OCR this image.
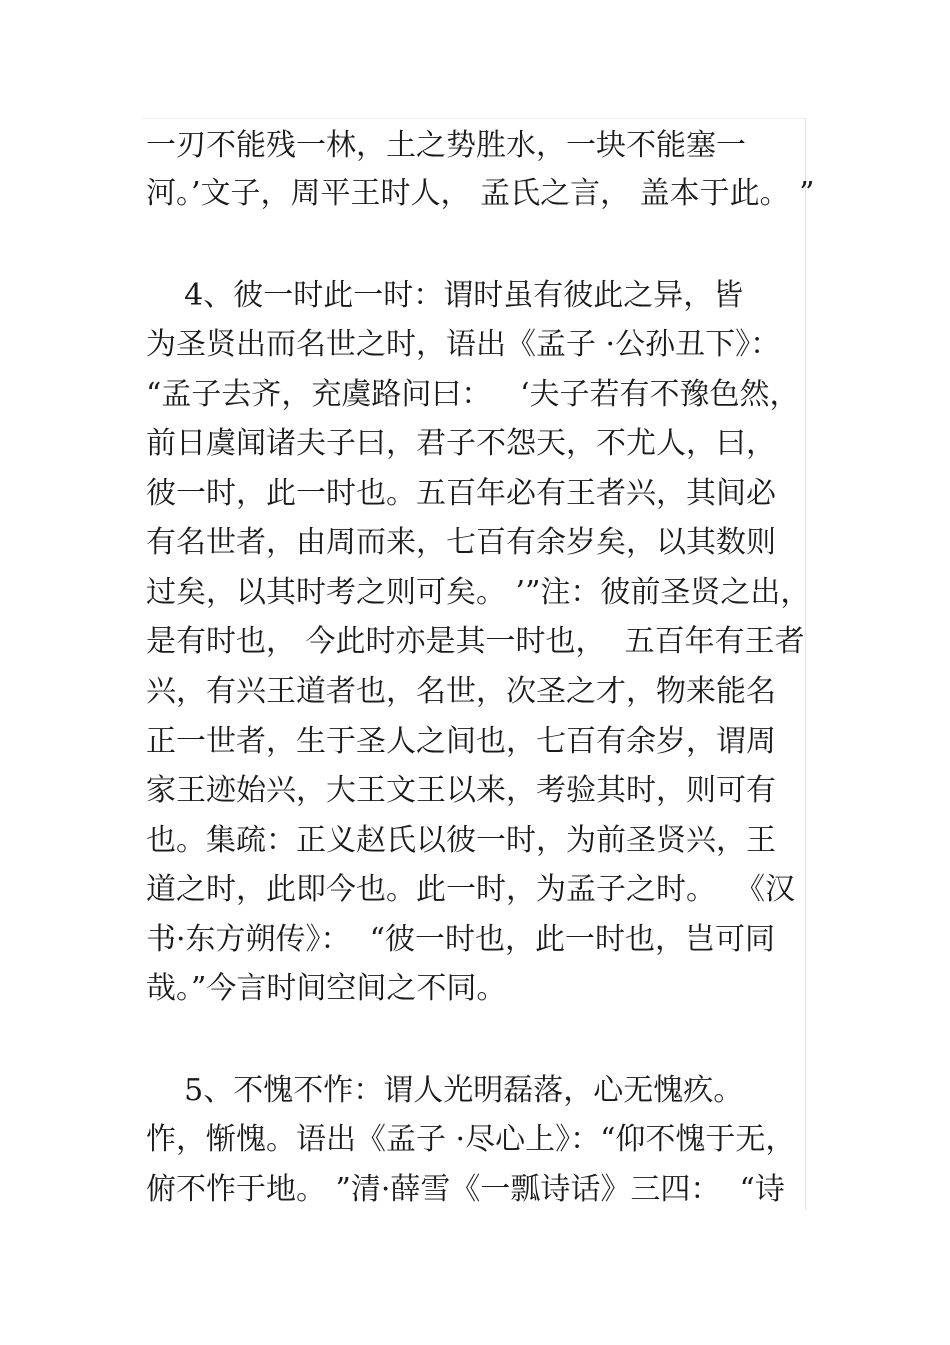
一刃不能残一林，土之势胜水，一块不能塞一
河。’文子，周平王时人， 孟氏之言， 盖本于此。 ”
4、彼一时此一时：谓时虽有彼此之异，皆
为圣贤出而名世之时，语出《孟子 ·公孙丑下》：
“孟子去齐，充虞路问曰：   ‘夫子若有不豫色然，
前日虞闻诸夫子曰，君子不怨天，不尤人，曰，
彼一时，此一时也。五百年必有王者兴，其间必
有名世者，由周而来，七百有余岁矣，以其数则
过矣，以其时考之则可矣。 ’”注：彼前圣贤之出，
是有时也， 今此时亦是其一时也，  五百年有王者
兴，有兴王道者也，名世，次圣之才，物来能名
正一世者，生于圣人之间也，七百有余岁，谓周
家王迹始兴，大王文王以来，考验其时，则可有
也。集疏：正义赵氏以彼一时，为前圣贤兴，王
道之时，此即今也。此一时，为孟子之时。  《汉
书·东方朔传》：  “彼一时也，此一时也，岂可同
哉。”今言时间空间之不同。
5、不愧不怍：谓人光明磊落，心无愧疚。
怍，惭愧。语出《孟子 ·尽心上》：“仰不愧于无，
俯不怍于地。 ”清·薛雪《一瓢诗话》三四：  “诗
